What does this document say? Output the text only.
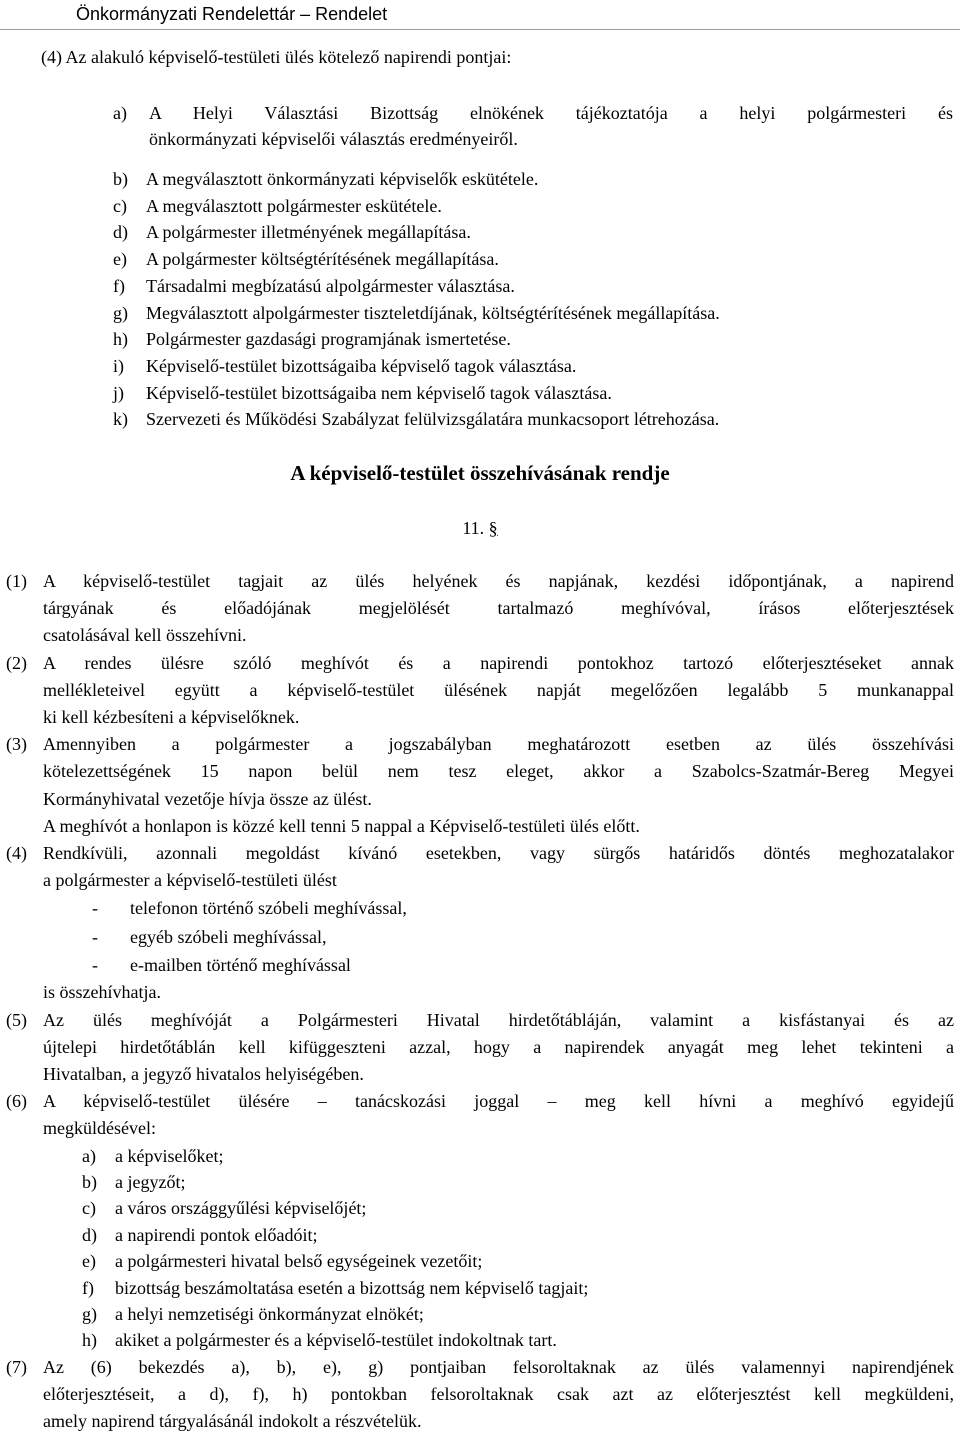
Önkormányzati Rendelettár – Rendelet
(4) Az alakuló képviselő-testületi ülés kötelező napirendi pontjai:
a)	A Helyi Választási Bizottság elnökének tájékoztatója a helyi polgármesteri és
önkormányzati képviselői választás eredményeiről.
b) A megválasztott önkormányzati képviselők eskütétele.
c) A megválasztott polgármester eskütétele.
d) A polgármester illetményének megállapítása.
e) A polgármester költségtérítésének megállapítása.
f) Társadalmi megbízatású alpolgármester választása.
g) Megválasztott alpolgármester tiszteletdíjának, költségtérítésének megállapítása.
h) Polgármester gazdasági programjának ismertetése.
i) Képviselő-testület bizottságaiba képviselő tagok választása.
j) Képviselő-testület bizottságaiba nem képviselő tagok választása.
k) Szervezeti és Működési Szabályzat felülvizsgálatára munkacsoport létrehozása.
A képviselő-testület összehívásának rendje
11. §
(1) A képviselő-testület tagjait az ülés helyének és napjának, kezdési időpontjának, a napirend
tárgyának és előadójának megjelölését tartalmazó meghívóval, írásos előterjesztések
csatolásával kell összehívni.
(2) A rendes ülésre szóló meghívót és a napirendi pontokhoz tartozó előterjesztéseket annak
mellékleteivel együtt a képviselő-testület ülésének napját megelőzően legalább 5 munkanappal
ki kell kézbesíteni a képviselőknek.
(3) Amennyiben a polgármester a jogszabályban meghatározott esetben az ülés összehívási
kötelezettségének 15 napon belül nem tesz eleget, akkor a Szabolcs-Szatmár-Bereg Megyei
Kormányhivatal vezetője hívja össze az ülést.
A meghívót a honlapon is közzé kell tenni 5 nappal a Képviselő-testületi ülés előtt.
(4) Rendkívüli, azonnali megoldást kívánó esetekben, vagy sürgős határidős döntés meghozatalakor
a polgármester a képviselő-testületi ülést
- telefonon történő szóbeli meghívással,
- egyéb szóbeli meghívással,
- e-mailben történő meghívással
is összehívhatja.
(5) Az ülés meghívóját a Polgármesteri Hivatal hirdetőtábláján, valamint a kisfástanyai és az
újtelepi hirdetőtáblán kell kifüggeszteni azzal, hogy a napirendek anyagát meg lehet tekinteni a
Hivatalban, a jegyző hivatalos helyiségében.
(6) A képviselő-testület ülésére – tanácskozási joggal – meg kell hívni a meghívó egyidejű
megküldésével:
a) a képviselőket;
b) a jegyzőt;
c) a város országgyűlési képviselőjét;
d) a napirendi pontok előadóit;
e) a polgármesteri hivatal belső egységeinek vezetőit;
f) bizottság beszámoltatása esetén a bizottság nem képviselő tagjait;
g) a helyi nemzetiségi önkormányzat elnökét;
h) akiket a polgármester és a képviselő-testület indokoltnak tart.
(7) Az (6) bekezdés a), b), e), g) pontjaiban felsoroltaknak az ülés valamennyi napirendjének
előterjesztéseit, a d), f), h) pontokban felsoroltaknak csak azt az előterjesztést kell megküldeni,
amely napirend tárgyalásánál indokolt a részvételük.
